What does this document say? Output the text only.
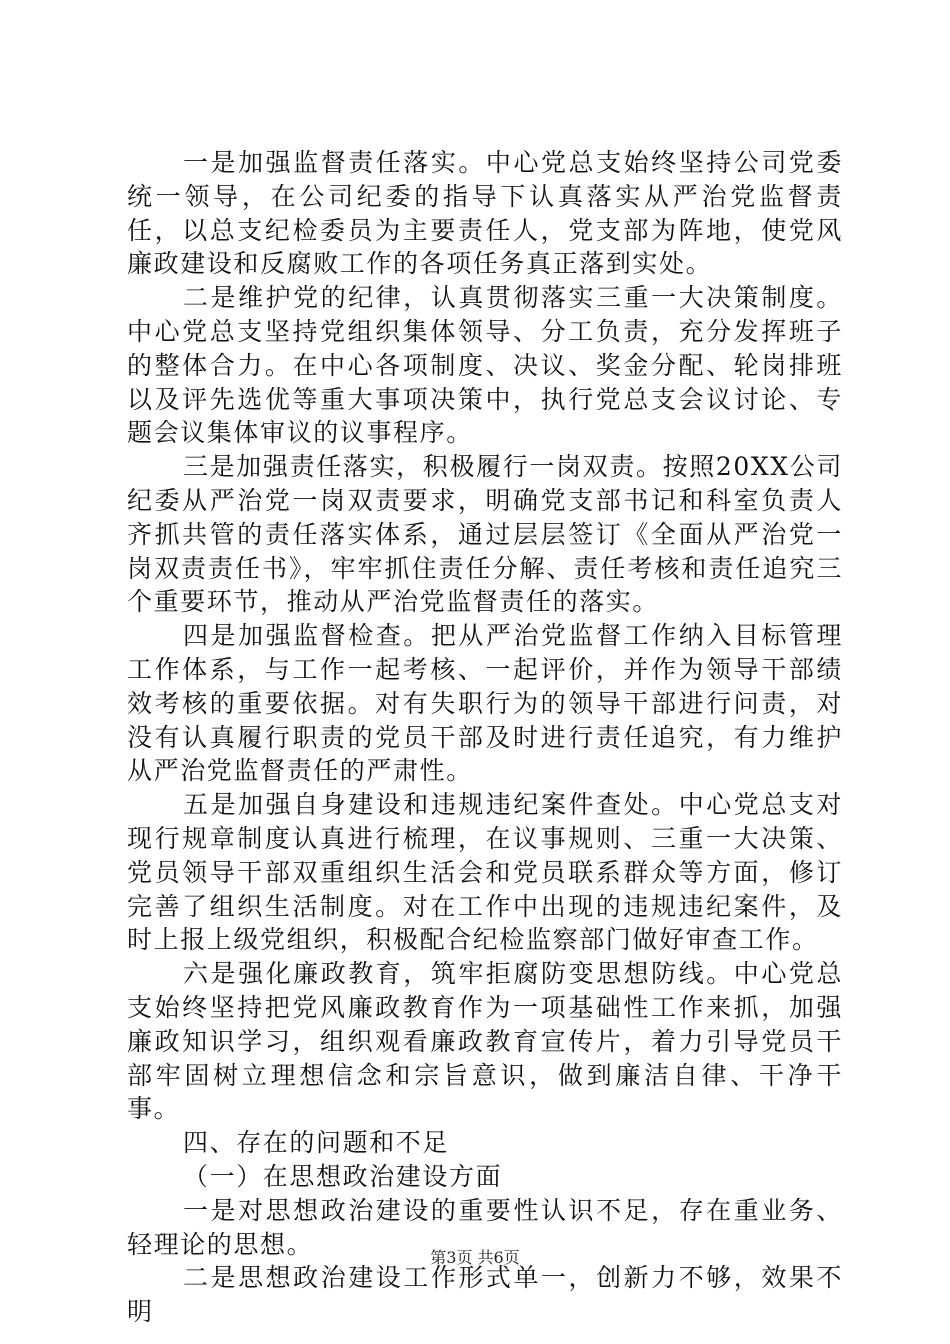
一是加强监督责任落实。中心党总支始终坚持公司党委统一领导，在公司纪委的指导下认真落实从严治党监督责任，以总支纪检委员为主要责任人，党支部为阵地，使党风廉政建设和反腐败工作的各项任务真正落到实处。

二是维护党的纪律，认真贯彻落实三重一大决策制度。中心党总支坚持党组织集体领导、分工负责，充分发挥班子的整体合力。在中心各项制度、决议、奖金分配、轮岗排班以及评先选优等重大事项决策中，执行党总支会议讨论、专题会议集体审议的议事程序。

三是加强责任落实，积极履行一岗双责。按照20XX公司纪委从严治党一岗双责要求，明确党支部书记和科室负责人齐抓共管的责任落实体系，通过层层签订《全面从严治党一岗双责责任书》，牢牢抓住责任分解、责任考核和责任追究三个重要环节，推动从严治党监督责任的落实。

四是加强监督检查。把从严治党监督工作纳入目标管理工作体系，与工作一起考核、一起评价，并作为领导干部绩效考核的重要依据。对有失职行为的领导干部进行问责，对没有认真履行职责的党员干部及时进行责任追究，有力维护从严治党监督责任的严肃性。

五是加强自身建设和违规违纪案件查处。中心党总支对现行规章制度认真进行梳理，在议事规则、三重一大决策、党员领导干部双重组织生活会和党员联系群众等方面，修订完善了组织生活制度。对在工作中出现的违规违纪案件，及时上报上级党组织，积极配合纪检监察部门做好审查工作。

六是强化廉政教育，筑牢拒腐防变思想防线。中心党总支始终坚持把党风廉政教育作为一项基础性工作来抓，加强廉政知识学习，组织观看廉政教育宣传片，着力引导党员干部牢固树立理想信念和宗旨意识，做到廉洁自律、干净干事。

四、存在的问题和不足

（一）在思想政治建设方面

一是对思想政治建设的重要性认识不足，存在重业务、轻理论的思想。

二是思想政治建设工作形式单一，创新力不够，效果不明

第3页 共6页
